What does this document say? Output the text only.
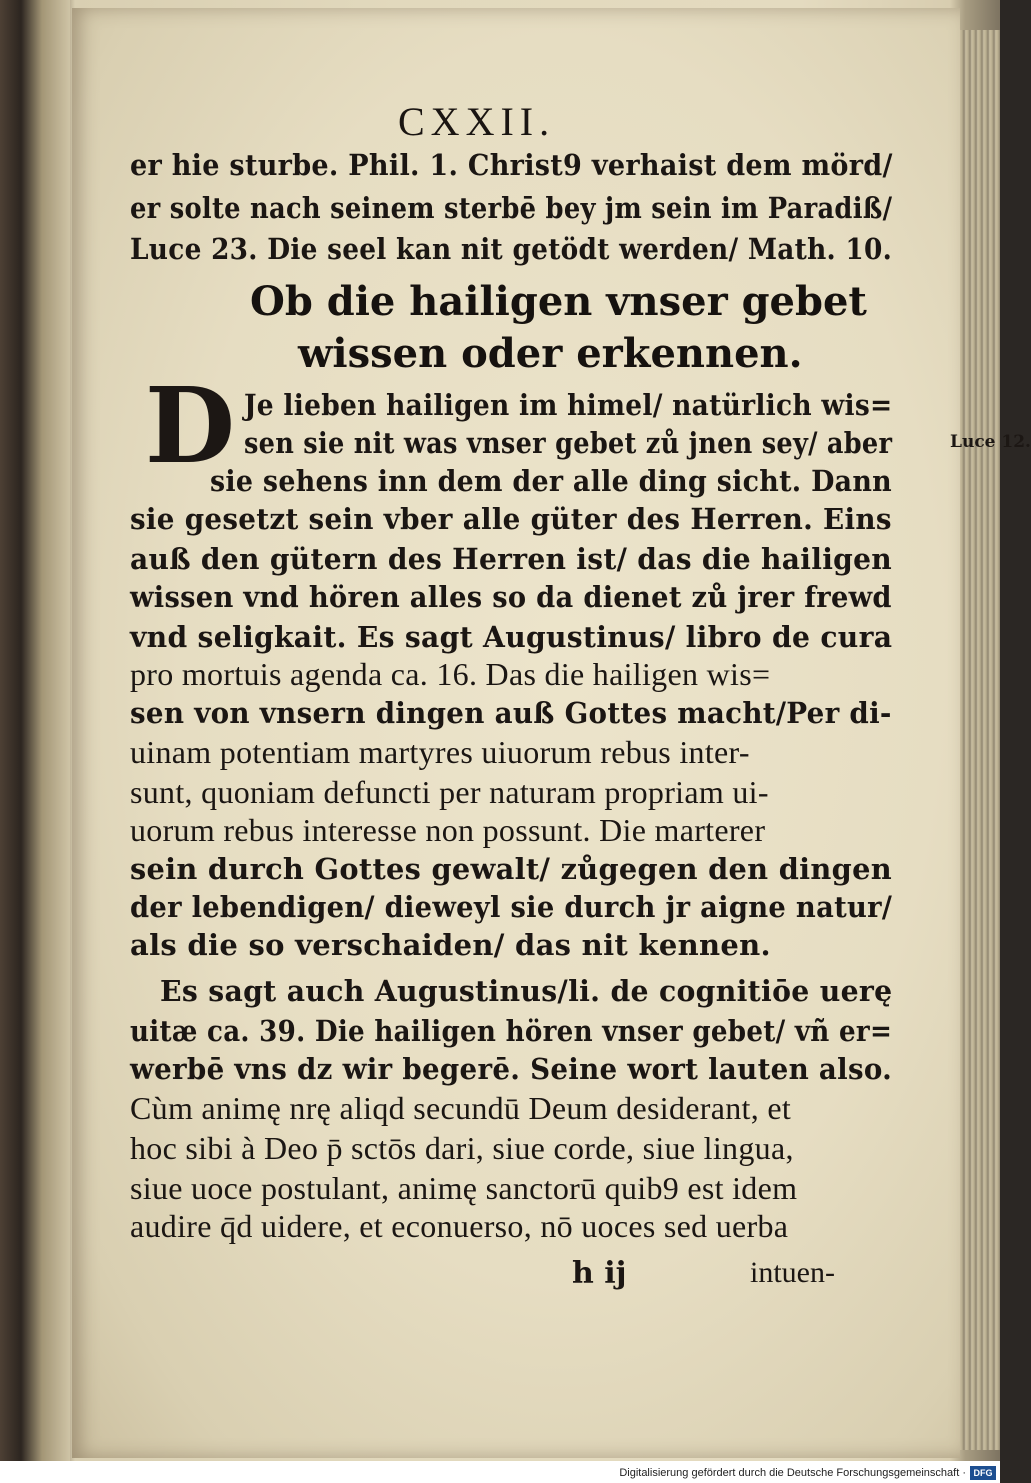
CXXII.
er hie sturbe. Phil. 1. Christ9 verhaist dem mörd/
er solte nach seinem sterbē bey jm sein im Paradiß/
Luce 23. Die seel kan nit getödt werden/ Math. 10.
Ob die hailigen vnser gebet
wissen oder erkennen.
D Je lieben hailigen im himel/ natürlich wis=
sen sie nit was vnser gebet zů jnen sey/ aber
sie sehens inn dem der alle ding sicht. Dann
sie gesetzt sein vber alle güter des Herren. Eins
auß den gütern des Herren ist/ das die hailigen
wissen vnd hören alles so da dienet zů jrer frewd
vnd seligkait. Es sagt Augustinus/ libro de cura
pro mortuis agenda ca. 16. Das die hailigen wis=
sen von vnsern dingen auß Gottes macht/Per di-
uinam potentiam martyres uiuorum rebus inter-
sunt, quoniam defuncti per naturam propriam ui-
uorum rebus interesse non possunt. Die marterer
sein durch Gottes gewalt/ zůgegen den dingen
der lebendigen/ dieweyl sie durch jr aigne natur/
als die so verschaiden/ das nit kennen.
Es sagt auch Augustinus/li. de cognitiōe uerę
uitæ ca. 39. Die hailigen hören vnser gebet/ vñ er=
werbē vns dz wir begerē. Seine wort lauten also.
Cùm animę nrę aliqd secundū Deum desiderant, et
hoc sibi à Deo p̄ sctōs dari, siue corde, siue lingua,
siue uoce postulant, animę sanctorū quib9 est idem
audire q̄d uidere, et econuerso, nō uoces sed uerba
h ij	intuen-
Luce 12.
Digitalisierung gefördert durch die Deutsche Forschungsgemeinschaft · DFG
